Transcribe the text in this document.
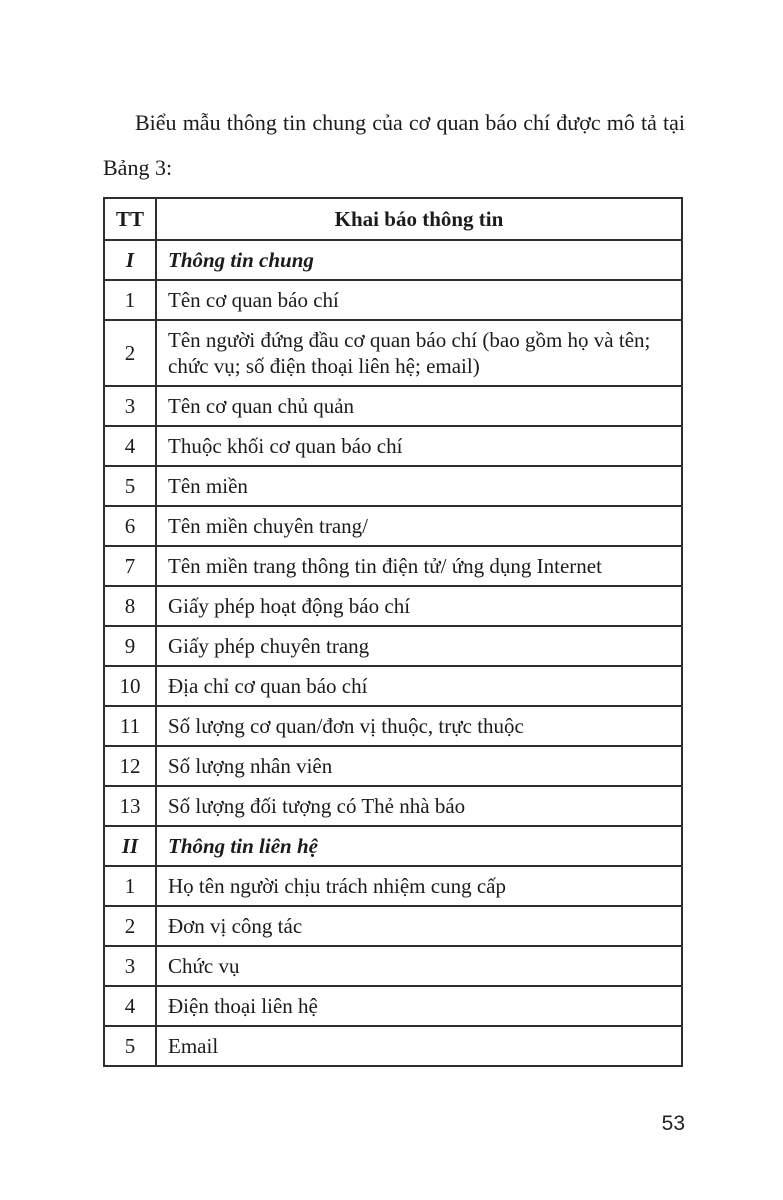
Biểu mẫu thông tin chung của cơ quan báo chí được mô tả tại Bảng 3:

TT	Khai báo thông tin
I	Thông tin chung
1	Tên cơ quan báo chí
2	Tên người đứng đầu cơ quan báo chí (bao gồm họ và tên; chức vụ; số điện thoại liên hệ; email)
3	Tên cơ quan chủ quản
4	Thuộc khối cơ quan báo chí
5	Tên miền
6	Tên miền chuyên trang/
7	Tên miền trang thông tin điện tử/ ứng dụng Internet
8	Giấy phép hoạt động báo chí
9	Giấy phép chuyên trang
10	Địa chỉ cơ quan báo chí
11	Số lượng cơ quan/đơn vị thuộc, trực thuộc
12	Số lượng nhân viên
13	Số lượng đối tượng có Thẻ nhà báo
II	Thông tin liên hệ
1	Họ tên người chịu trách nhiệm cung cấp
2	Đơn vị công tác
3	Chức vụ
4	Điện thoại liên hệ
5	Email
53
